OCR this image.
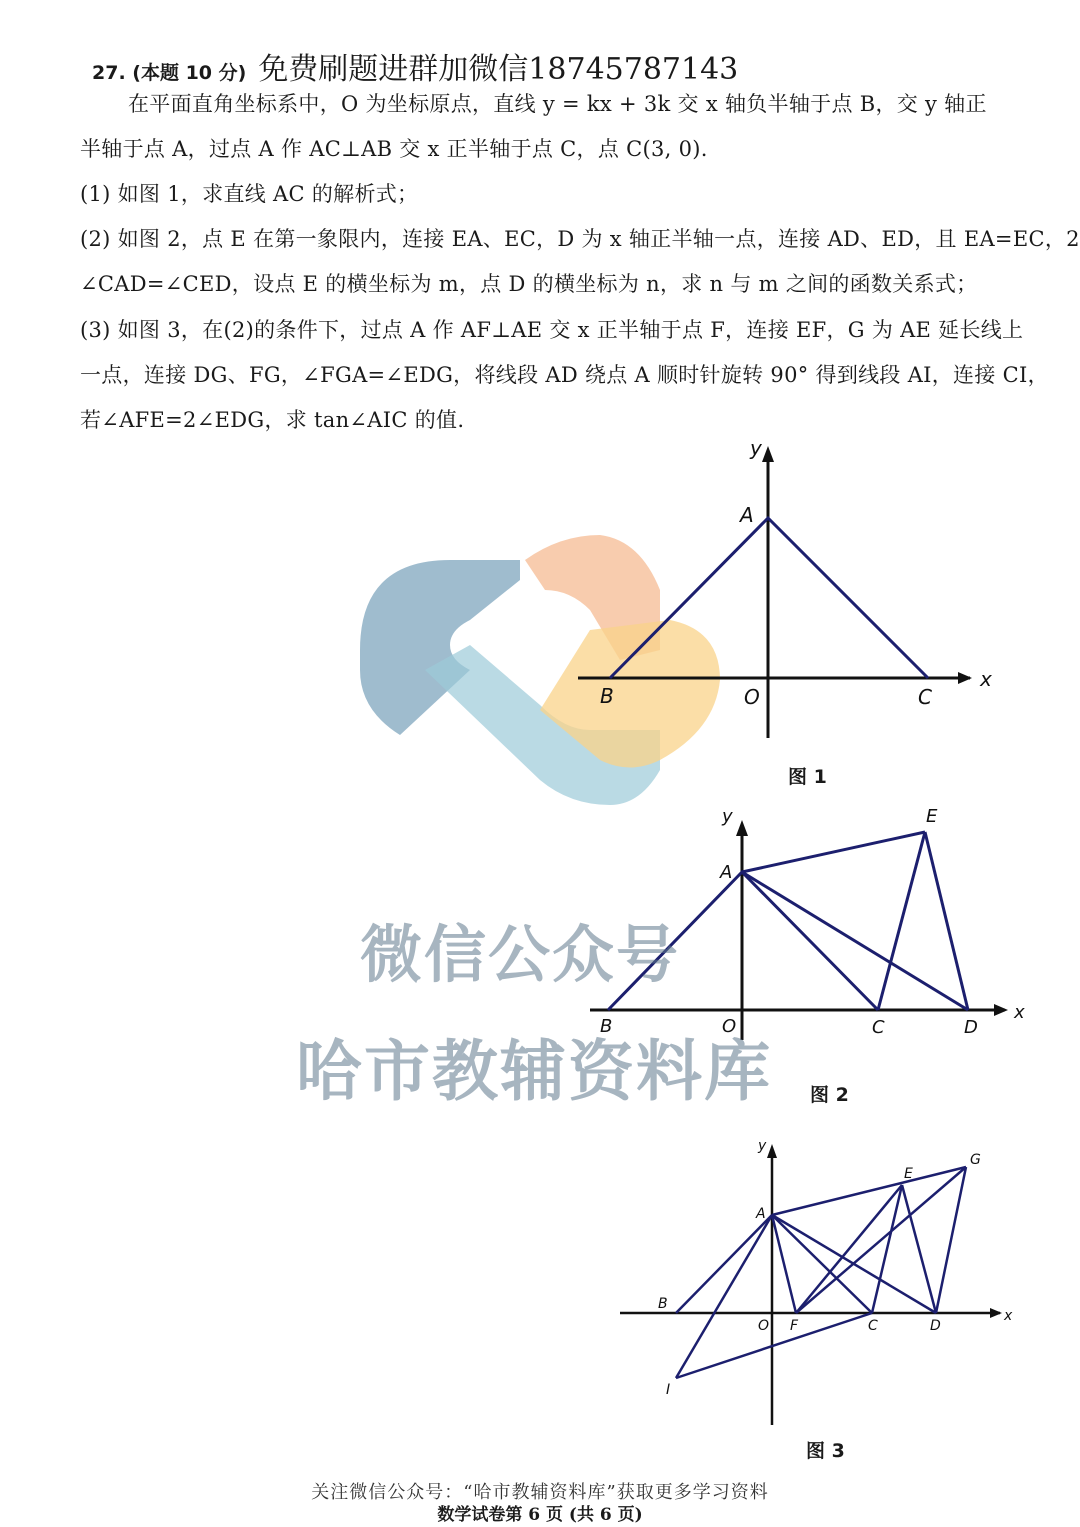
27. (本题 10 分) 免费刷题进群加微信18745787143
在平面直角坐标系中，O 为坐标原点，直线 y = kx + 3k 交 x 轴负半轴于点 B，交 y 轴正
半轴于点 A，过点 A 作 AC⊥AB 交 x 正半轴于点 C，点 C(3, 0).
(1) 如图 1，求直线 AC 的解析式；
(2) 如图 2，点 E 在第一象限内，连接 EA、EC，D 为 x 轴正半轴一点，连接 AD、ED，且 EA=EC，2
∠CAD=∠CED，设点 E 的横坐标为 m，点 D 的横坐标为 n，求 n 与 m 之间的函数关系式；
(3) 如图 3，在(2)的条件下，过点 A 作 AF⊥AE 交 x 正半轴于点 F，连接 EF，G 为 AE 延长线上
一点，连接 DG、FG，∠FGA=∠EDG，将线段 AD 绕点 A 顺时针旋转 90° 得到线段 AI，连接 CI，
若∠AFE=2∠EDG，求 tan∠AIC 的值.
y
x
A
B	O	C
图 1
y
x
A
B	O	C	D
E
图 2
微信公众号
哈市教辅资料库
y
x
A
B
O F	C	D
E
G
I
图 3
关注微信公众号：“哈市教辅资料库”获取更多学习资料
数学试卷第 6 页 (共 6 页)
